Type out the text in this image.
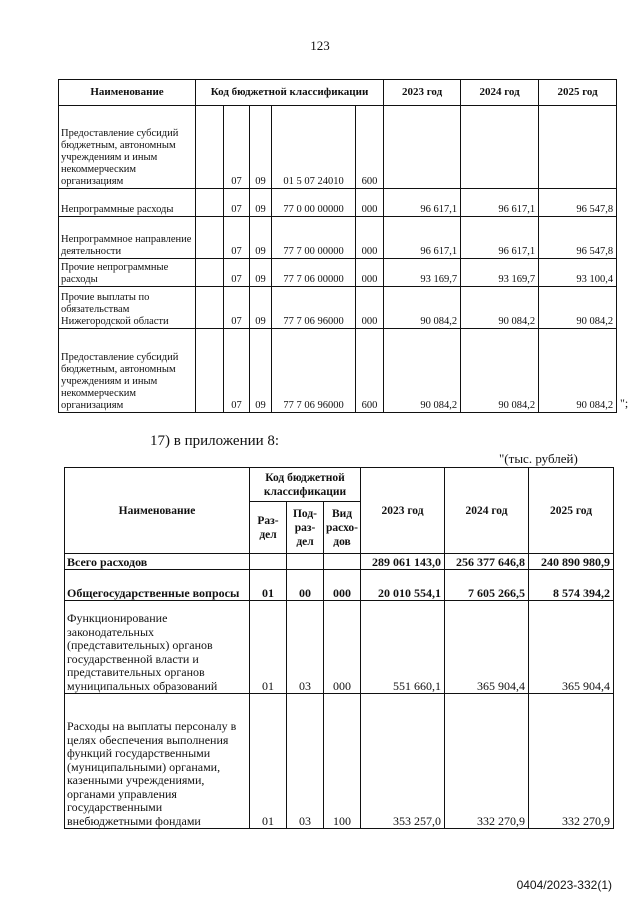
123
Наименование	Код бюджетной классификации					2023 год	2024 год	2025 год
Предоставление субсидий бюджетным, автономным учреждениям и иным некоммерческим организациям		07	09	01 5 07 24010	600			
Непрограммные расходы		07	09	77 0 00 00000	000	96 617,1	96 617,1	96 547,8
Непрограммное направление деятельности		07	09	77 7 00 00000	000	96 617,1	96 617,1	96 547,8
Прочие непрограммные расходы		07	09	77 7 06 00000	000	93 169,7	93 169,7	93 100,4
Прочие выплаты по обязательствам Нижегородской области		07	09	77 7 06 96000	000	90 084,2	90 084,2	90 084,2
Предоставление субсидий бюджетным, автономным учреждениям и иным некоммерческим организациям		07	09	77 7 06 96000	600	90 084,2	90 084,2	90 084,2 ";
17) в приложении 8:
"(тыс. рублей)
Наименование	Код бюджетной классификации			2023 год	2024 год	2025 год
	Раз-дел	Под-раз-дел	Вид расхо-дов			
Всего расходов				289 061 143,0	256 377 646,8	240 890 980,9
Общегосударственные вопросы	01	00	000	20 010 554,1	7 605 266,5	8 574 394,2
Функционирование законодательных (представительных) органов государственной власти и представительных органов муниципальных образований	01	03	000	551 660,1	365 904,4	365 904,4
Расходы на выплаты персоналу в целях обеспечения выполнения функций государственными (муниципальными) органами, казенными учреждениями, органами управления государственными внебюджетными фондами	01	03	100	353 257,0	332 270,9	332 270,9
0404/2023-332(1)
